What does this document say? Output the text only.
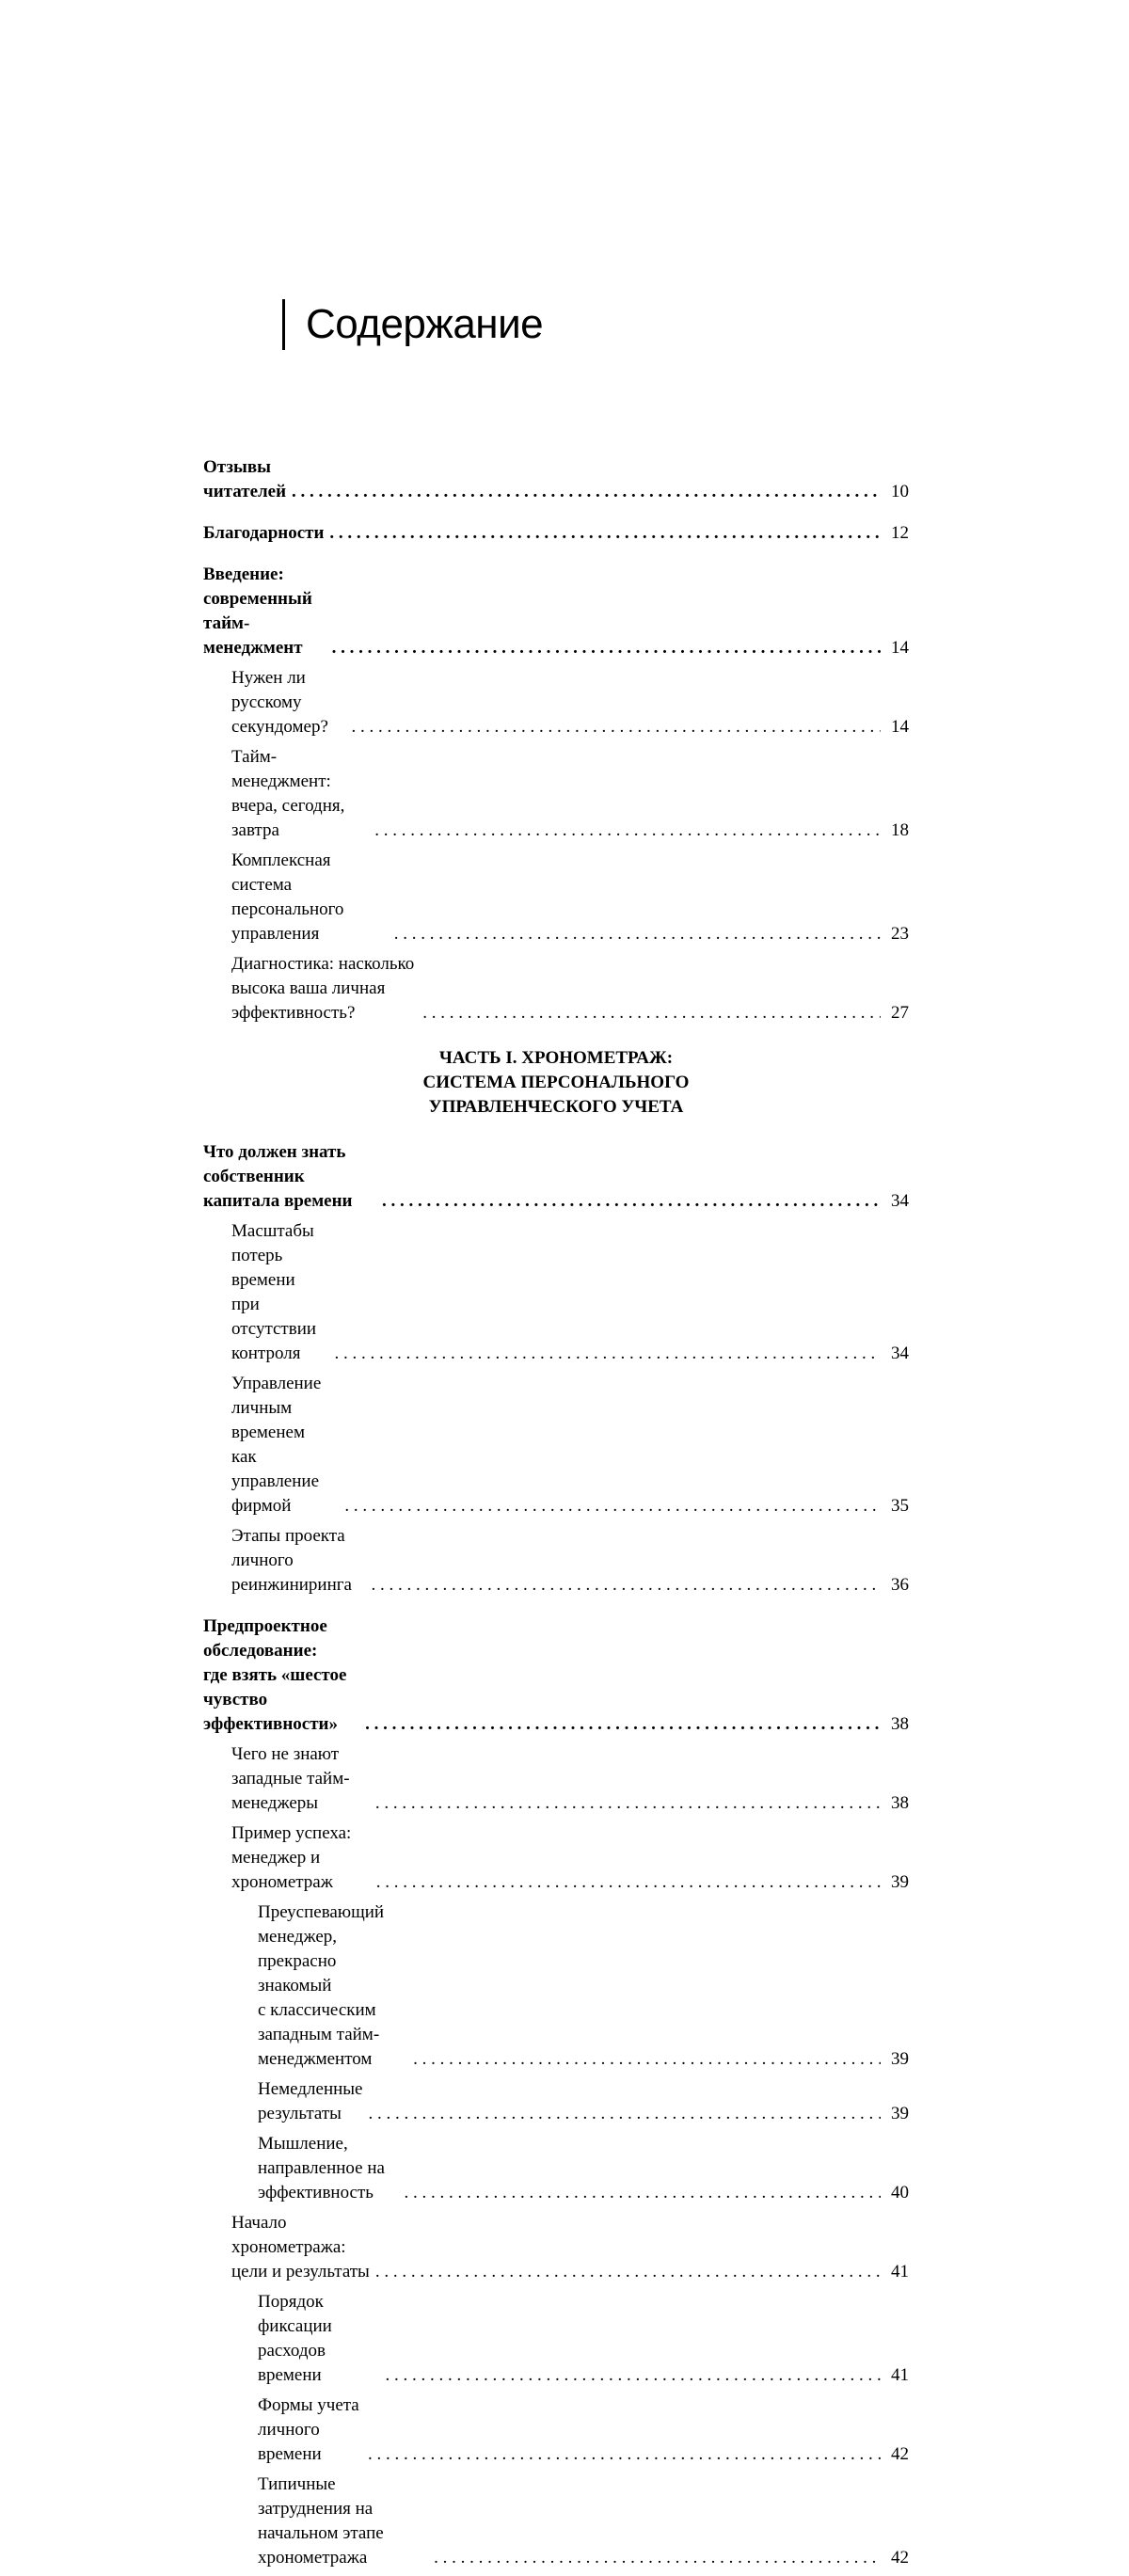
Содержание
Отзывы читателей . . .	10
Благодарности . . .	12
Введение:
современный тайм-менеджмент . . .	14
Нужен ли русскому секундомер? . . .	14
Тайм-менеджмент: вчера, сегодня, завтра . . .	18
Комплексная система персонального управления . . .	23
Диагностика: насколько высока ваша личная эффективность? . . .	27
ЧАСТЬ I. ХРОНОМЕТРАЖ:
СИСТЕМА ПЕРСОНАЛЬНОГО
УПРАВЛЕНЧЕСКОГО УЧЕТА
Что должен знать собственник капитала времени . . .	34
Масштабы потерь времени
при отсутствии контроля . . .	34
Управление личным временем
как управление фирмой . . .	35
Этапы проекта личного реинжиниринга . . .	36
Предпроектное обследование:
где взять «шестое чувство эффективности» . . .	38
Чего не знают западные тайм-менеджеры . . .	38
Пример успеха: менеджер и хронометраж . . .	39
Преуспевающий менеджер, прекрасно знакомый
с классическим западным тайм-менеджментом . . .	39
Немедленные результаты . . .	39
Мышление, направленное на эффективность . . .	40
Начало хронометража: цели и результаты . . .	41
Порядок фиксации расходов времени . . .	41
Формы учета личного времени . . .	42
Типичные затруднения на начальном этапе хронометража . . .	42
